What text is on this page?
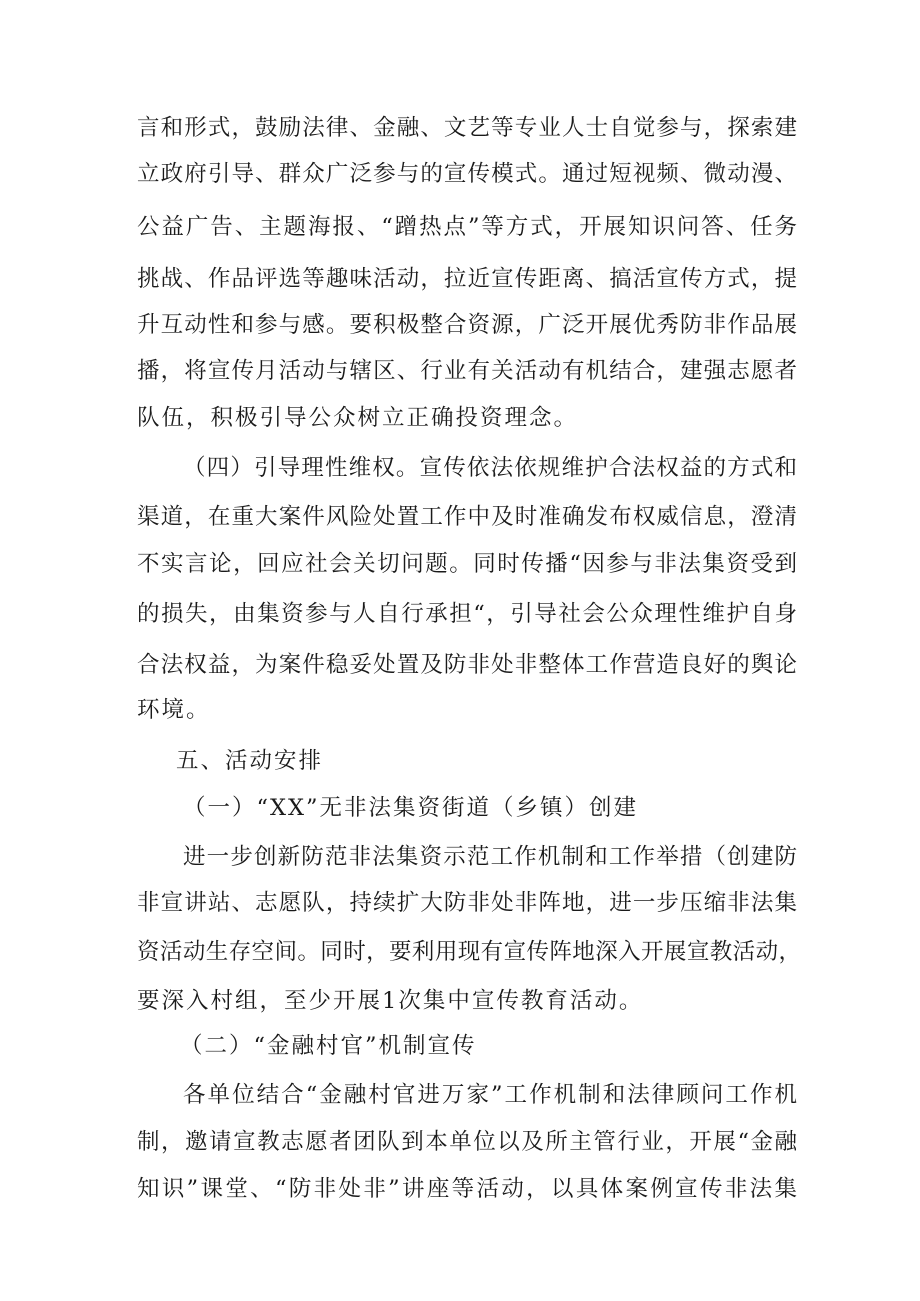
言和形式，鼓励法律、金融、文艺等专业人士自觉参与，探索建
立政府引导、群众广泛参与的宣传模式。通过短视频、微动漫、
公益广告、主题海报、“蹭热点”等方式，开展知识问答、任务
挑战、作品评选等趣味活动，拉近宣传距离、搞活宣传方式，提
升互动性和参与感。要积极整合资源，广泛开展优秀防非作品展
播，将宣传月活动与辖区、行业有关活动有机结合，建强志愿者
队伍，积极引导公众树立正确投资理念。
（四）引导理性维权。宣传依法依规维护合法权益的方式和
渠道，在重大案件风险处置工作中及时准确发布权威信息，澄清
不实言论，回应社会关切问题。同时传播“因参与非法集资受到
的损失，由集资参与人自行承担“，引导社会公众理性维护自身
合法权益，为案件稳妥处置及防非处非整体工作营造良好的舆论
环境。
五、活动安排
（一）“XX”无非法集资街道（乡镇）创建
进一步创新防范非法集资示范工作机制和工作举措（创建防
非宣讲站、志愿队，持续扩大防非处非阵地，进一步压缩非法集
资活动生存空间。同时，要利用现有宣传阵地深入开展宣教活动，
要深入村组，至少开展1次集中宣传教育活动。
（二）“金融村官”机制宣传
各单位结合“金融村官进万家”工作机制和法律顾问工作机
制，邀请宣教志愿者团队到本单位以及所主管行业，开展“金融
知识”课堂、“防非处非”讲座等活动，以具体案例宣传非法集
